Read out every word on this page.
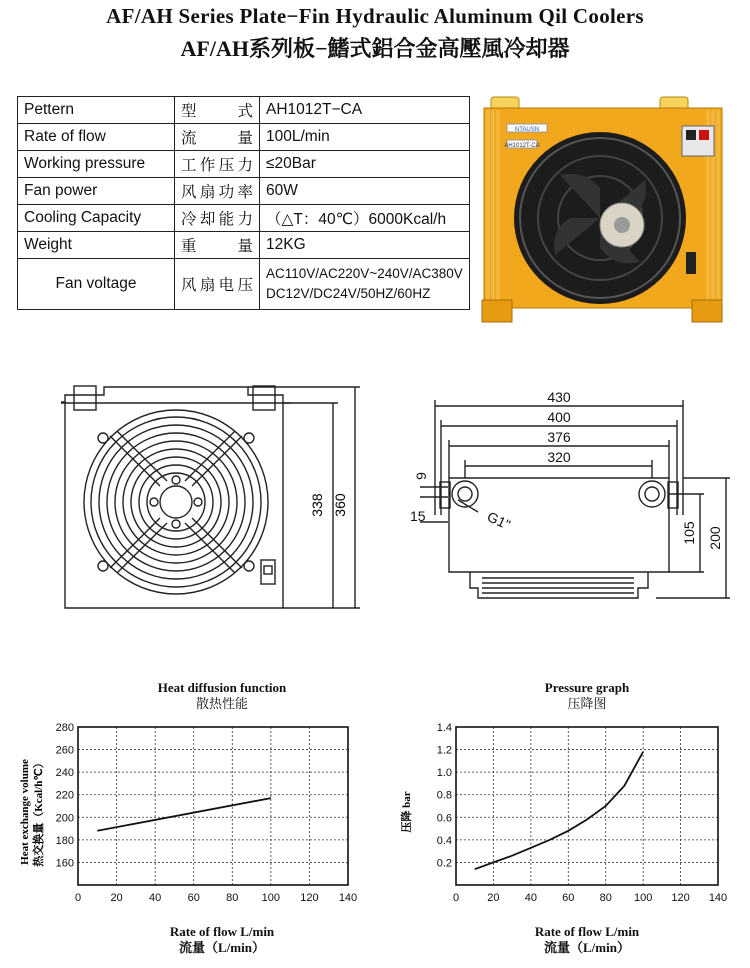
AF/AH Series Plate−Fin Hydraulic Aluminum Qil Coolers
AF/AH系列板−鰭式鋁合金高壓風冷却器
Pettern	型 式	AH1012T−CA
Rate of flow	流 量	100L/min
Working pressure	工作压力	≤20Bar
Fan power	风扇功率	60W
Cooling Capacity	冷却能力	（△T：40℃）6000Kcal/h
Weight	重 量	12KG
Fan voltage	风扇电压	AC110V/AC220V~240V/AC380V
DC12V/DC24V/50HZ/60HZ
NTAUSN
AH1012T-CA
338 360
430
400
376
320
9
15	G1"
105 200
0	20 40 60 80 100 120 140
160
180
200
220
240
260
280
0	20 40 60 80 100 120 140
0.2
0.4
0.6
0.8
1.0
1.2
1.4
Heat exchange volume 热交换量（Kcal/h℃）	压降 bar
Heat diffusion function
散热性能
Pressure graph
压降图
Rate of flow L/min
流量（L/min）
Rate of flow L/min
流量（L/min）
